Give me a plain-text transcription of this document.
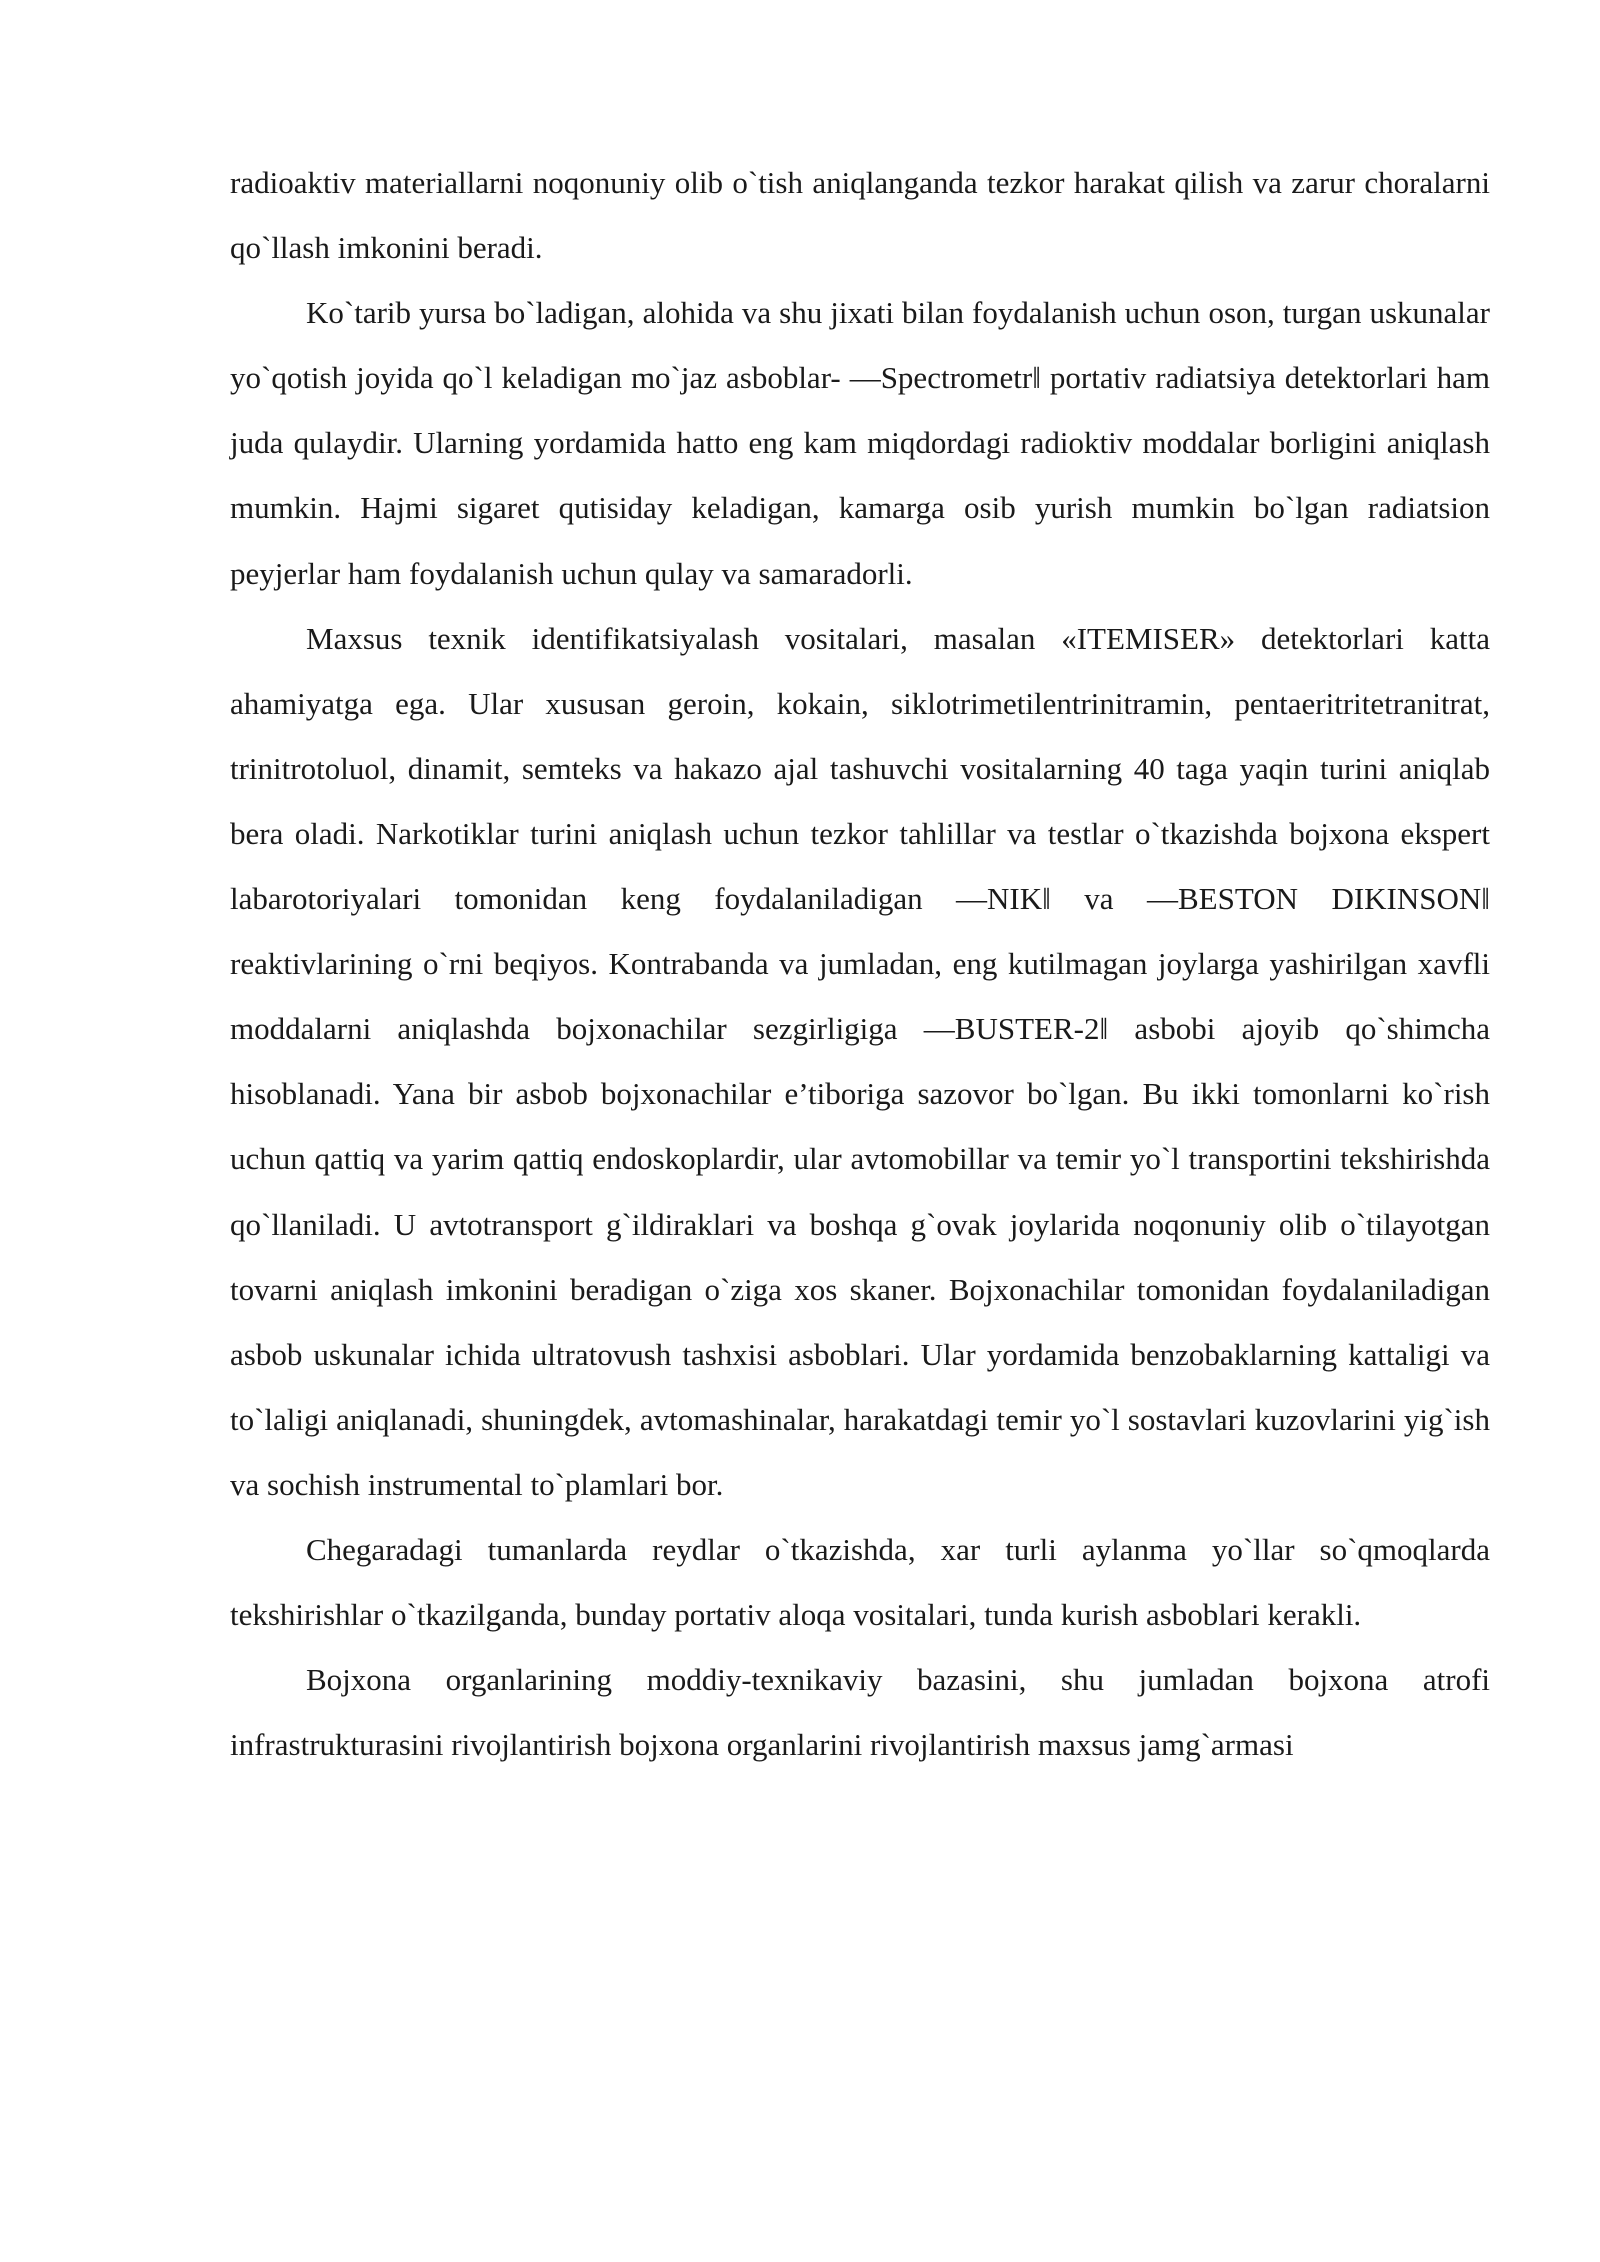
radioaktiv materiallarni noqonuniy olib o`tish aniqlanganda tezkor harakat qilish va zarur choralarni qo`llash imkonini beradi.

Ko`tarib yursa bo`ladigan, alohida va shu jixati bilan foydalanish uchun oson, turgan uskunalar yo`qotish joyida qo`l keladigan mo`jaz asboblar- ―Spectrometr‖ portativ radiatsiya detektorlari ham juda qulaydir. Ularning yordamida hatto eng kam miqdordagi radioktiv moddalar borligini aniqlash mumkin. Hajmi sigaret qutisiday keladigan, kamarga osib yurish mumkin bo`lgan radiatsion peyjerlar ham foydalanish uchun qulay va samaradorli.

Maxsus texnik identifikatsiyalash vositalari, masalan «ITEMISER» detektorlari katta ahamiyatga ega. Ular xususan geroin, kokain, siklotrimetilentrinitramin, pentaeritritetranitrat, trinitrotoluol, dinamit, semteks va hakazo ajal tashuvchi vositalarning 40 taga yaqin turini aniqlab bera oladi. Narkotiklar turini aniqlash uchun tezkor tahlillar va testlar o`tkazishda bojxona ekspert labarotoriyalari tomonidan keng foydalaniladigan ―NIK‖ va ―BESTON DIKINSON‖ reaktivlarining o`rni beqiyos. Kontrabanda va jumladan, eng kutilmagan joylarga yashirilgan xavfli moddalarni aniqlashda bojxonachilar sezgirligiga ―BUSTER-2‖ asbobi ajoyib qo`shimcha hisoblanadi. Yana bir asbob bojxonachilar e’tiboriga sazovor bo`lgan. Bu ikki tomonlarni ko`rish uchun qattiq va yarim qattiq endoskoplardir, ular avtomobillar va temir yo`l transportini tekshirishda qo`llaniladi. U avtotransport g`ildiraklari va boshqa g`ovak joylarida noqonuniy olib o`tilayotgan tovarni aniqlash imkonini beradigan o`ziga xos skaner. Bojxonachilar tomonidan foydalaniladigan asbob uskunalar ichida ultratovush tashxisi asboblari. Ular yordamida benzobaklarning kattaligi va to`laligi aniqlanadi, shuningdek, avtomashinalar, harakatdagi temir yo`l sostavlari kuzovlarini yig`ish va sochish instrumental to`plamlari bor.

Chegaradagi tumanlarda reydlar o`tkazishda, xar turli aylanma yo`llar so`qmoqlarda tekshirishlar o`tkazilganda, bunday portativ aloqa vositalari, tunda kurish asboblari kerakli.

Bojxona organlarining moddiy-texnikaviy bazasini, shu jumladan bojxona atrofi infrastrukturasini rivojlantirish bojxona organlarini rivojlantirish maxsus jamg`armasi
